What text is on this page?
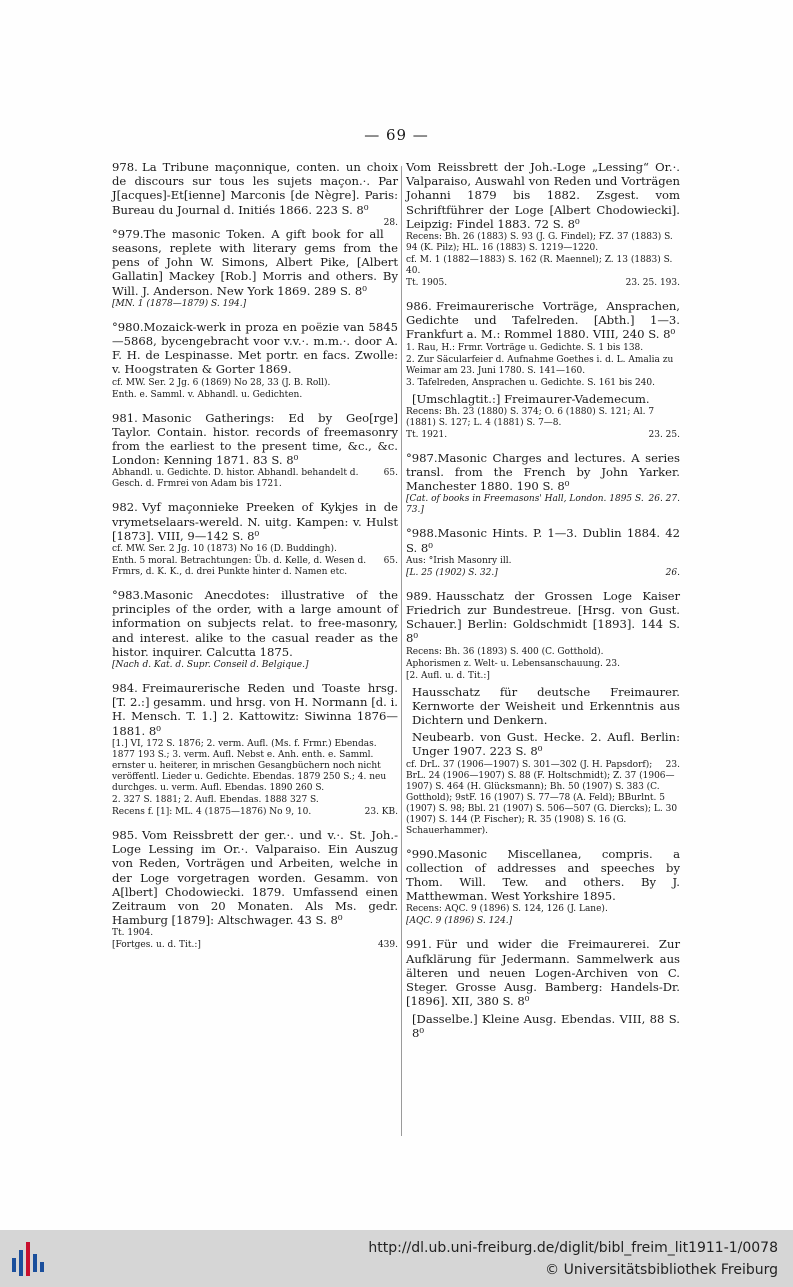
— 69 —
978. La Tribune maçonnique, conten. un choix de discours sur tous les sujets maçon.·. Par J[acques]-Et[ienne] Marconis [de Nègre]. Paris: Bureau du Journal d. Initiés 1866. 223 S. 8⁰
28.
°979.The masonic Token. A gift book for all seasons, replete with literary gems from the pens of John W. Simons, Albert Pike, [Albert Gallatin] Mackey [Rob.] Morris and others. By Will. J. Anderson. New York 1869. 289 S. 8⁰
[MN. 1 (1878—1879) S. 194.]
°980.Mozaick-werk in proza en poëzie van 5845—5868, bycengebracht voor v.v.·. m.m.·. door A. F. H. de Lespinasse. Met portr. en facs. Zwolle: v. Hoogstraten & Gorter 1869.
cf. MW. Ser. 2 Jg. 6 (1869) No 28, 33 (J. B. Roll).
Enth. e. Samml. v. Abhandl. u. Gedichten.
981. Masonic Gatherings: Ed by Geo[rge] Taylor. Contain. histor. records of freemasonry from the earliest to the present time, &c., &c. London: Kenning 1871. 83 S. 8⁰
65.
Abhandl. u. Gedichte. D. histor. Abhandl. behandelt d. Gesch. d. Frmrei von Adam bis 1721.
982. Vyf maçonnieke Preeken of Kykjes in de vrymetselaars-wereld. N. uitg. Kampen: v. Hulst [1873]. VIII, 9—142 S. 8⁰
cf. MW. Ser. 2 Jg. 10 (1873) No 16 (D. Buddingh).
65.
Enth. 5 moral. Betrachtungen: Üb. d. Kelle, d. Wesen d. Frmrs, d. K. K., d. drei Punkte hinter d. Namen etc.
°983.Masonic Anecdotes: illustrative of the principles of the order, with a large amount of information on subjects relat. to free-masonry, and interest. alike to the casual reader as the histor. inquirer. Calcutta 1875.
[Nach d. Kat. d. Supr. Conseil d. Belgique.]
984. Freimaurerische Reden und Toaste hrsg. [T. 2.:] gesamm. und hrsg. von H. Normann [d. i. H. Mensch. T. 1.] 2. Kattowitz: Siwinna 1876—1881. 8⁰
[1.] VI, 172 S. 1876; 2. verm. Aufl. (Ms. f. Frmr.) Ebendas. 1877 193 S.; 3. verm. Aufl. Nebst e. Anh. enth. e. Samml. ernster u. heiterer, in mrischen Gesangbüchern noch nicht veröffentl. Lieder u. Gedichte. Ebendas. 1879 250 S.; 4. neu durchges. u. verm. Aufl. Ebendas. 1890 260 S.
2. 327 S. 1881; 2. Aufl. Ebendas. 1888 327 S.
23. KB.
Recens f. [1]: ML. 4 (1875—1876) No 9, 10.
985. Vom Reissbrett der ger.·. und v.·. St. Joh.-Loge Lessing im Or.·. Valparaiso. Ein Auszug von Reden, Vorträgen und Arbeiten, welche in der Loge vorgetragen worden. Gesamm. von A[lbert] Chodowiecki. 1879. Umfassend einen Zeitraum von 20 Monaten. Als Ms. gedr. Hamburg [1879]: Altschwager. 43 S. 8⁰
Tt. 1904.
439.
[Fortges. u. d. Tit.:]
Vom Reissbrett der Joh.-Loge „Lessing“ Or.·. Valparaiso, Auswahl von Reden und Vorträgen Johanni 1879 bis 1882. Zsgest. vom Schriftführer der Loge [Albert Chodowiecki]. Leipzig: Findel 1883. 72 S. 8⁰
Recens: Bh. 26 (1883) S. 93 (J. G. Findel); FZ. 37 (1883) S. 94 (K. Pilz); HL. 16 (1883) S. 1219—1220.
cf. M. 1 (1882—1883) S. 162 (R. Maennel); Z. 13 (1883) S. 40.
23. 25. 193.
Tt. 1905.
986. Freimaurerische Vorträge, Ansprachen, Gedichte und Tafelreden. [Abth.] 1—3. Frankfurt a. M.: Rommel 1880. VIII, 240 S. 8⁰
1. Rau, H.: Frmr. Vorträge u. Gedichte. S. 1 bis 138.
2. Zur Säcularfeier d. Aufnahme Goethes i. d. L. Amalia zu Weimar am 23. Juni 1780. S. 141—160.
3. Tafelreden, Ansprachen u. Gedichte. S. 161 bis 240.
[Umschlagtit.:] Freimaurer-Vademecum.
Recens: Bh. 23 (1880) S. 374; O. 6 (1880) S. 121; Al. 7 (1881) S. 127; L. 4 (1881) S. 7—8.
23. 25.
Tt. 1921.
°987.Masonic Charges and lectures. A series transl. from the French by John Yarker. Manchester 1880. 190 S. 8⁰
26. 27.
[Cat. of books in Freemasons' Hall, London. 1895 S. 73.]
°988.Masonic Hints. P. 1—3. Dublin 1884. 42 S. 8⁰
Aus: °Irish Masonry ill.
26.
[L. 25 (1902) S. 32.]
989. Hausschatz der Grossen Loge Kaiser Friedrich zur Bundestreue. [Hrsg. von Gust. Schauer.] Berlin: Goldschmidt [1893]. 144 S. 8⁰
Recens: Bh. 36 (1893) S. 400 (C. Gotthold).
Aphorismen z. Welt- u. Lebensanschauung. 23.
[2. Aufl. u. d. Tit.:]
Hausschatz für deutsche Freimaurer. Kernworte der Weisheit und Erkenntnis aus Dichtern und Denkern.
Neubearb. von Gust. Hecke. 2. Aufl. Berlin: Unger 1907. 223 S. 8⁰
23.
cf. DrL. 37 (1906—1907) S. 301—302 (J. H. Papsdorf); BrL. 24 (1906—1907) S. 88 (F. Holtschmidt); Z. 37 (1906—1907) S. 464 (H. Glücksmann); Bh. 50 (1907) S. 383 (C. Gotthold); 9stF. 16 (1907) S. 77—78 (A. Feld); BBurlnt. 5 (1907) S. 98; Bbl. 21 (1907) S. 506—507 (G. Diercks); L. 30 (1907) S. 144 (P. Fischer); R. 35 (1908) S. 16 (G. Schauerhammer).
°990.Masonic Miscellanea, compris. a collection of addresses and speeches by Thom. Will. Tew. and others. By J. Matthewman. West Yorkshire 1895.
Recens: AQC. 9 (1896) S. 124, 126 (J. Lane).
[AQC. 9 (1896) S. 124.]
991. Für und wider die Freimaurerei. Zur Aufklärung für Jedermann. Sammelwerk aus älteren und neuen Logen-Archiven von C. Steger. Grosse Ausg. Bamberg: Handels-Dr. [1896]. XII, 380 S. 8⁰
[Dasselbe.] Kleine Ausg. Ebendas. VIII, 88 S. 8⁰
http://dl.ub.uni-freiburg.de/diglit/bibl_freim_lit1911-1/0078
© Universitätsbibliothek Freiburg
